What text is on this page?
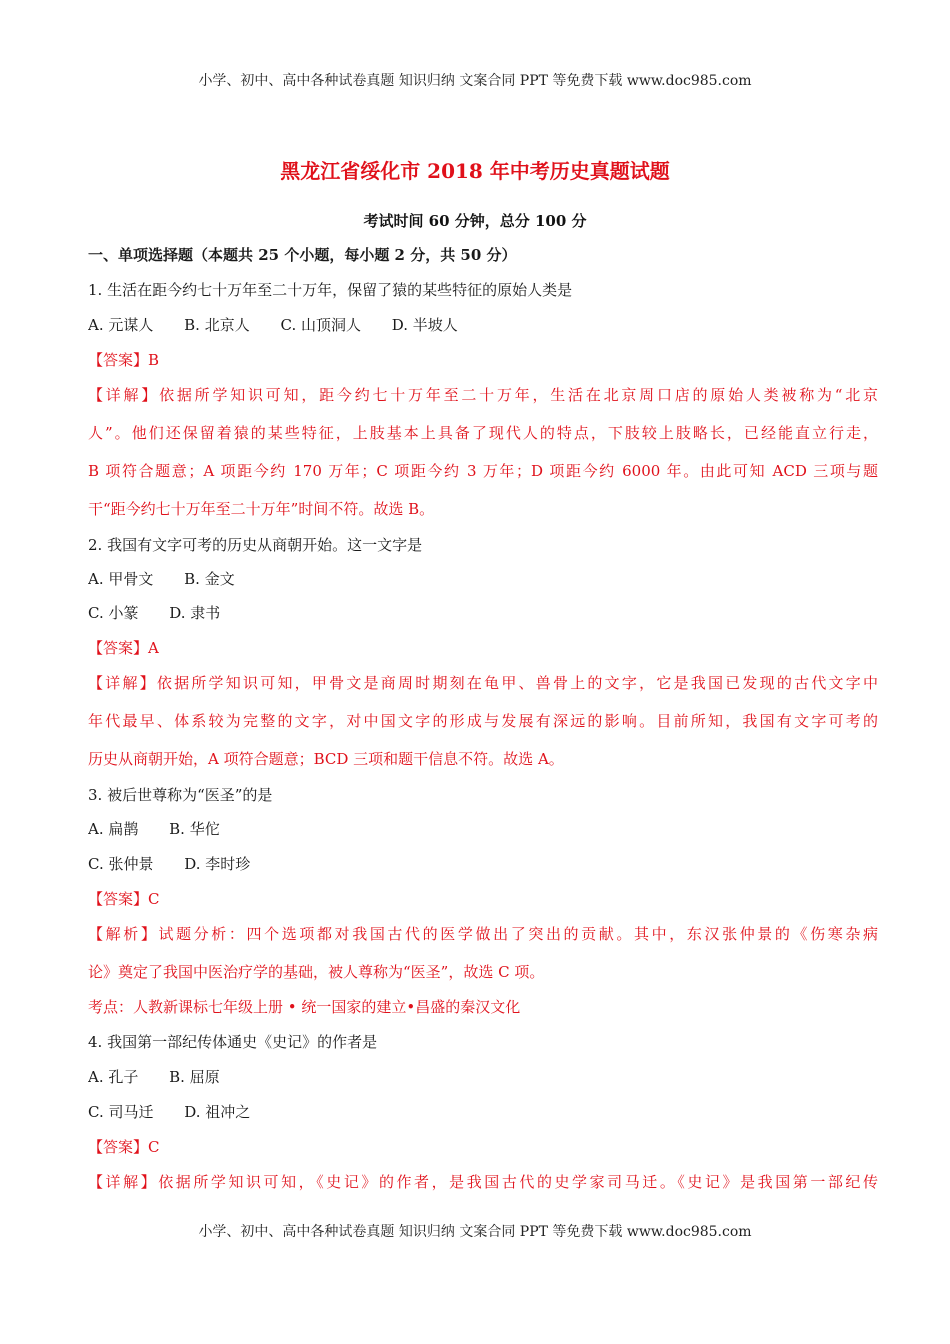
小学、初中、高中各种试卷真题 知识归纳 文案合同 PPT 等免费下载 www.doc985.com
黑龙江省绥化市 2018 年中考历史真题试题
考试时间 60 分钟，总分 100 分
一、单项选择题（本题共 25 个小题，每小题 2 分，共 50 分）
1. 生活在距今约七十万年至二十万年，保留了猿的某些特征的原始人类是
A. 元谋人 B. 北京人 C. 山顶洞人 D. 半坡人
【答案】B
【详解】依据所学知识可知，距今约七十万年至二十万年，生活在北京周口店的原始人类被称为“北京
人”。他们还保留着猿的某些特征，上肢基本上具备了现代人的特点，下肢较上肢略长，已经能直立行走，
B 项符合题意；A 项距今约 170 万年；C 项距今约 3 万年；D 项距今约 6000 年。由此可知 ACD 三项与题
干“距今约七十万年至二十万年”时间不符。故选 B。
2. 我国有文字可考的历史从商朝开始。这一文字是
A. 甲骨文 B. 金文
C. 小篆 D. 隶书
【答案】A
【详解】依据所学知识可知，甲骨文是商周时期刻在龟甲、兽骨上的文字，它是我国已发现的古代文字中
年代最早、体系较为完整的文字，对中国文字的形成与发展有深远的影响。目前所知，我国有文字可考的
历史从商朝开始，A 项符合题意；BCD 三项和题干信息不符。故选 A。
3. 被后世尊称为“医圣”的是
A. 扁鹊 B. 华佗
C. 张仲景 D. 李时珍
【答案】C
【解析】试题分析：四个选项都对我国古代的医学做出了突出的贡献。其中，东汉张仲景的《伤寒杂病
论》奠定了我国中医治疗学的基础，被人尊称为“医圣”，故选 C 项。
考点：人教新课标七年级上册 • 统一国家的建立•昌盛的秦汉文化
4. 我国第一部纪传体通史《史记》的作者是
A. 孔子 B. 屈原
C. 司马迁 D. 祖冲之
【答案】C
【详解】依据所学知识可知，《史记》的作者，是我国古代的史学家司马迁。《史记》是我国第一部纪传
小学、初中、高中各种试卷真题 知识归纳 文案合同 PPT 等免费下载 www.doc985.com
